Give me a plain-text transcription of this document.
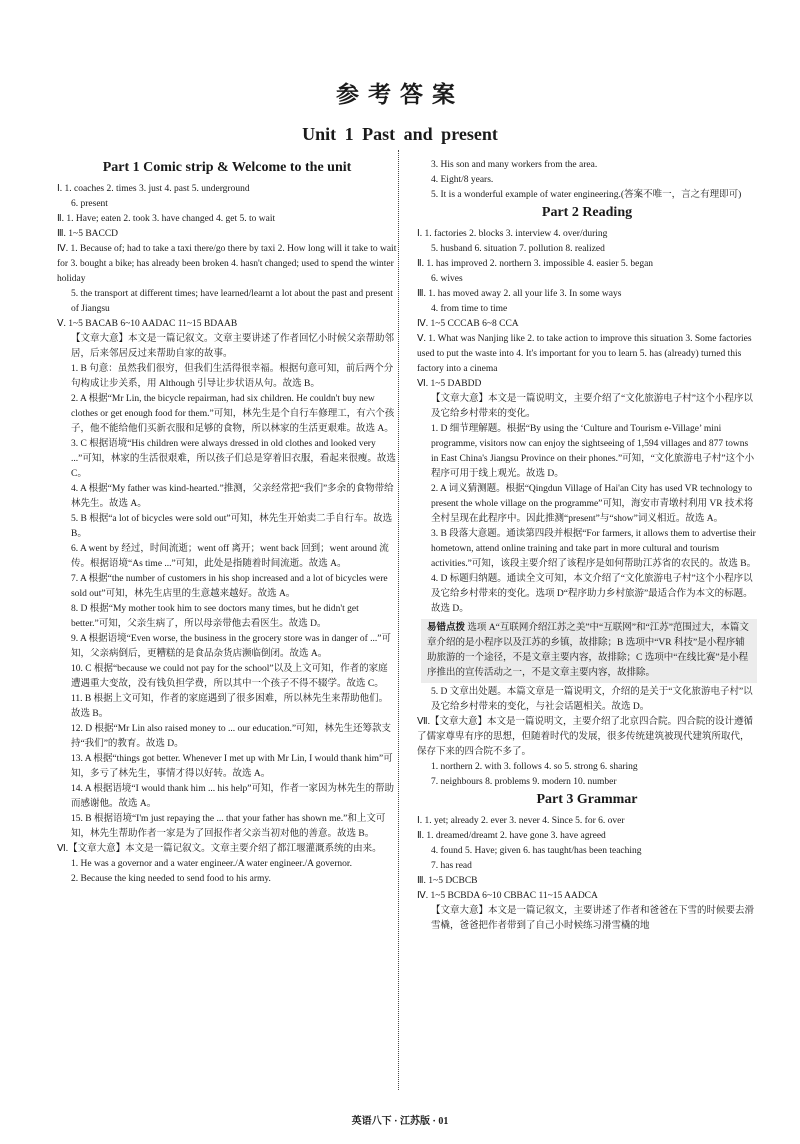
参考答案
Unit 1 Past and present
Part 1 Comic strip & Welcome to the unit

Ⅰ. 1. coaches 2. times 3. just 4. past 5. underground

6. present

Ⅱ. 1. Have; eaten 2. took 3. have changed 4. get 5. to wait

Ⅲ. 1~5 BACCD

Ⅳ. 1. Because of; had to take a taxi there/go there by taxi 2. How long will it take to wait for 3. bought a bike; has already been broken 4. hasn't changed; used to spend the winter holiday

5. the transport at different times; have learned/learnt a lot about the past and present of Jiangsu

Ⅴ. 1~5 BACAB 6~10 AADAC 11~15 BDAAB

【文章大意】本文是一篇记叙文。文章主要讲述了作者回忆小时候父亲帮助邻居，后来邻居反过来帮助自家的故事。

1. B 句意：虽然我们很穷，但我们生活得很幸福。根据句意可知，前后两个分句构成让步关系，用 Although 引导让步状语从句。故选 B。

2. A 根据“Mr Lin, the bicycle repairman, had six children. He couldn't buy new clothes or get enough food for them.”可知，林先生是个自行车修理工，有六个孩子，他不能给他们买新衣服和足够的食物，所以林家的生活更艰难。故选 A。

3. C 根据语境“His children were always dressed in old clothes and looked very ...”可知，林家的生活很艰难，所以孩子们总是穿着旧衣服，看起来很瘦。故选 C。

4. A 根据“My father was kind-hearted.”推测，父亲经常把“我们”多余的食物带给林先生。故选 A。

5. B 根据“a lot of bicycles were sold out”可知，林先生开始卖二手自行车。故选 B。

6. A went by 经过，时间流逝；went off 离开；went back 回到；went around 流传。根据语境“As time ...”可知，此处是指随着时间流逝。故选 A。

7. A 根据“the number of customers in his shop increased and a lot of bicycles were sold out”可知，林先生店里的生意越来越好。故选 A。

8. D 根据“My mother took him to see doctors many times, but he didn't get better.”可知，父亲生病了，所以母亲带他去看医生。故选 D。

9. A 根据语境“Even worse, the business in the grocery store was in danger of ...”可知，父亲病倒后，更糟糕的是食品杂货店濒临倒闭。故选 A。

10. C 根据“because we could not pay for the school”以及上文可知，作者的家庭遭遇重大变故，没有钱负担学费，所以其中一个孩子不得不辍学。故选 C。

11. B 根据上文可知，作者的家庭遇到了很多困难，所以林先生来帮助他们。故选 B。

12. D 根据“Mr Lin also raised money to ... our education.”可知，林先生还筹款支持“我们”的教育。故选 D。

13. A 根据“things got better. Whenever I met up with Mr Lin, I would thank him”可知，多亏了林先生，事情才得以好转。故选 A。

14. A 根据语境“I would thank him ... his help”可知，作者一家因为林先生的帮助而感谢他。故选 A。

15. B 根据语境“I'm just repaying the ... that your father has shown me.”和上文可知，林先生帮助作者一家是为了回报作者父亲当初对他的善意。故选 B。

Ⅵ.【文章大意】本文是一篇记叙文。文章主要介绍了都江堰灌溉系统的由来。

1. He was a governor and a water engineer./A water engineer./A governor.

2. Because the king needed to send food to his army.

3. His son and many workers from the area.

4. Eight/8 years.

5. It is a wonderful example of water engineering.(答案不唯一，言之有理即可)

Part 2 Reading

Ⅰ. 1. factories 2. blocks 3. interview 4. over/during

5. husband 6. situation 7. pollution 8. realized

Ⅱ. 1. has improved 2. northern 3. impossible 4. easier 5. began

6. wives

Ⅲ. 1. has moved away 2. all your life 3. In some ways

4. from time to time

Ⅳ. 1~5 CCCAB 6~8 CCA

Ⅴ. 1. What was Nanjing like 2. to take action to improve this situation 3. Some factories used to put the waste into 4. It's important for you to learn 5. has (already) turned this factory into a cinema

Ⅵ. 1~5 DABDD

【文章大意】本文是一篇说明文，主要介绍了“文化旅游电子村”这个小程序以及它给乡村带来的变化。

1. D 细节理解题。根据“By using the ‘Culture and Tourism e-Village’ mini programme, visitors now can enjoy the sightseeing of 1,594 villages and 877 towns in East China's Jiangsu Province on their phones.”可知，“文化旅游电子村”这个小程序可用于线上观光。故选 D。

2. A 词义猜测题。根据“Qingdun Village of Hai'an City has used VR technology to present the whole village on the programme”可知，海安市青墩村利用 VR 技术将全村呈现在此程序中。因此推测“present”与“show”词义相近。故选 A。

3. B 段落大意题。通读第四段并根据“For farmers, it allows them to advertise their hometown, attend online training and take part in more cultural and tourism activities.”可知，该段主要介绍了该程序是如何帮助江苏省的农民的。故选 B。

4. D 标题归纳题。通读全文可知，本文介绍了“文化旅游电子村”这个小程序以及它给乡村带来的变化。选项 D“程序助力乡村旅游”最适合作为本文的标题。故选 D。

易错点拨 选项 A“互联网介绍江苏之美”中“互联网”和“江苏”范围过大，本篇文章介绍的是小程序以及江苏的乡镇，故排除；B 选项中“VR 科技”是小程序辅助旅游的一个途径，不是文章主要内容，故排除；C 选项中“在线比赛”是小程序推出的宣传活动之一，不是文章主要内容，故排除。

5. D 文章出处题。本篇文章是一篇说明文，介绍的是关于“文化旅游电子村”以及它给乡村带来的变化，与社会话题相关。故选 D。

Ⅶ.【文章大意】本文是一篇说明文，主要介绍了北京四合院。四合院的设计遵循了儒家尊卑有序的思想，但随着时代的发展，很多传统建筑被现代建筑所取代，保存下来的四合院不多了。

1. northern 2. with 3. follows 4. so 5. strong 6. sharing

7. neighbours 8. problems 9. modern 10. number

Part 3 Grammar

Ⅰ. 1. yet; already 2. ever 3. never 4. Since 5. for 6. over

Ⅱ. 1. dreamed/dreamt 2. have gone 3. have agreed

4. found 5. Have; given 6. has taught/has been teaching

7. has read

Ⅲ. 1~5 DCBCB

Ⅳ. 1~5 BCBDA 6~10 CBBAC 11~15 AADCA

【文章大意】本文是一篇记叙文，主要讲述了作者和爸爸在下雪的时候要去滑雪橇，爸爸把作者带到了自己小时候练习滑雪橇的地

英语八下 · 江苏版 · 01
